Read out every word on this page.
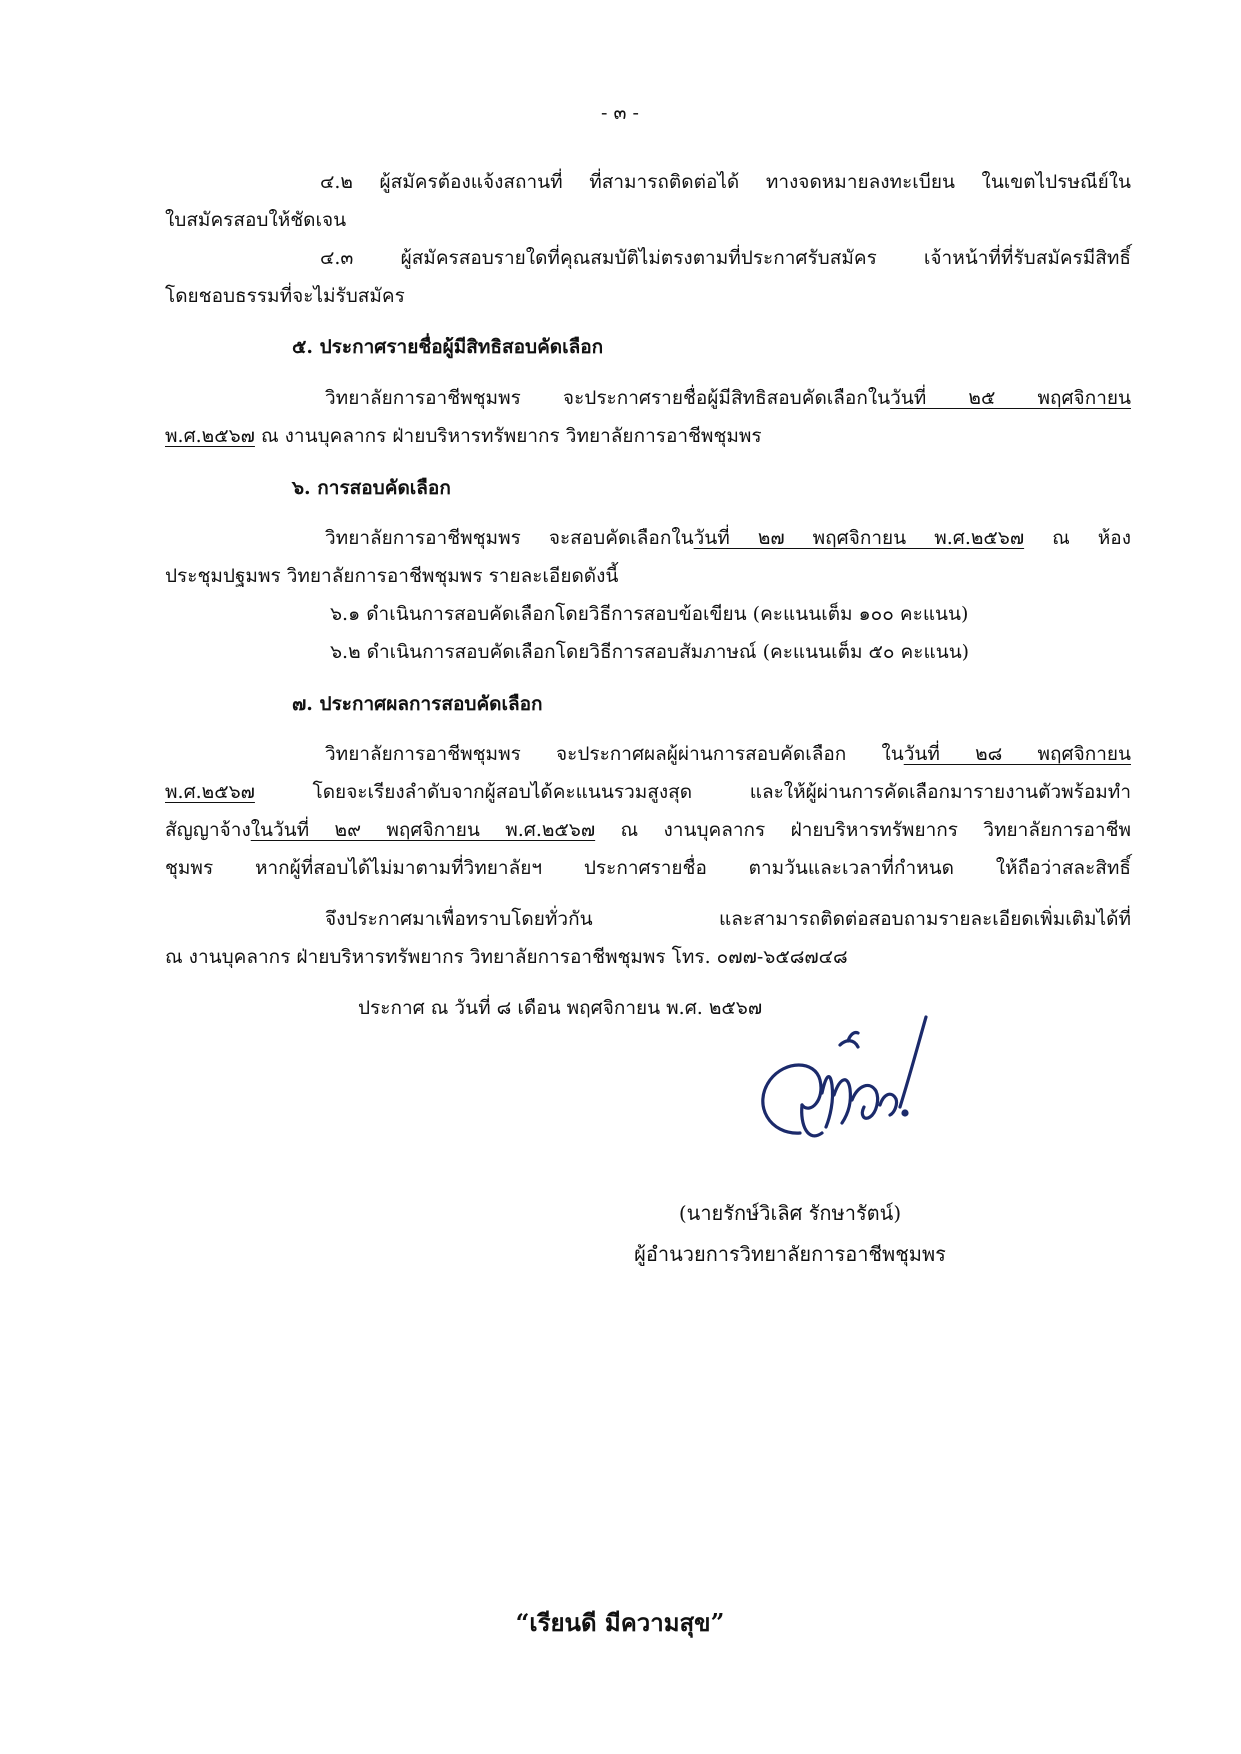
- ๓ -
๔.๒ ผู้สมัครต้องแจ้งสถานที่ ที่สามารถติดต่อได้ ทางจดหมายลงทะเบียน ในเขตไปรษณีย์ใน
ใบสมัครสอบให้ชัดเจน
๔.๓ ผู้สมัครสอบรายใดที่คุณสมบัติไม่ตรงตามที่ประกาศรับสมัคร เจ้าหน้าที่ที่รับสมัครมีสิทธิ์
โดยชอบธรรมที่จะไม่รับสมัคร
๕. ประกาศรายชื่อผู้มีสิทธิสอบคัดเลือก
วิทยาลัยการอาชีพชุมพร จะประกาศรายชื่อผู้มีสิทธิสอบคัดเลือกในวันที่ ๒๕ พฤศจิกายน
พ.ศ.๒๕๖๗ ณ งานบุคลากร ฝ่ายบริหารทรัพยากร วิทยาลัยการอาชีพชุมพร
๖. การสอบคัดเลือก
วิทยาลัยการอาชีพชุมพร จะสอบคัดเลือกในวันที่ ๒๗ พฤศจิกายน พ.ศ.๒๕๖๗ ณ ห้อง
ประชุมปฐมพร วิทยาลัยการอาชีพชุมพร รายละเอียดดังนี้
๖.๑ ดำเนินการสอบคัดเลือกโดยวิธีการสอบข้อเขียน (คะแนนเต็ม ๑๐๐ คะแนน)
๖.๒ ดำเนินการสอบคัดเลือกโดยวิธีการสอบสัมภาษณ์ (คะแนนเต็ม ๕๐ คะแนน)
๗. ประกาศผลการสอบคัดเลือก
วิทยาลัยการอาชีพชุมพร จะประกาศผลผู้ผ่านการสอบคัดเลือก ในวันที่ ๒๘ พฤศจิกายน
พ.ศ.๒๕๖๗ โดยจะเรียงลำดับจากผู้สอบได้คะแนนรวมสูงสุด และให้ผู้ผ่านการคัดเลือกมารายงานตัวพร้อมทำ
สัญญาจ้างในวันที่ ๒๙ พฤศจิกายน พ.ศ.๒๕๖๗ ณ งานบุคลากร ฝ่ายบริหารทรัพยากร วิทยาลัยการอาชีพ
ชุมพร หากผู้ที่สอบได้ไม่มาตามที่วิทยาลัยฯ ประกาศรายชื่อ ตามวันและเวลาที่กำหนด ให้ถือว่าสละสิทธิ์
จึงประกาศมาเพื่อทราบโดยทั่วกัน และสามารถติดต่อสอบถามรายละเอียดเพิ่มเติมได้ที่
ณ งานบุคลากร ฝ่ายบริหารทรัพยากร วิทยาลัยการอาชีพชุมพร โทร. ๐๗๗-๖๕๘๗๔๘
ประกาศ ณ วันที่ ๘ เดือน พฤศจิกายน พ.ศ. ๒๕๖๗
(นายรักษ์วิเลิศ รักษารัตน์)
ผู้อำนวยการวิทยาลัยการอาชีพชุมพร
“เรียนดี มีความสุข”
